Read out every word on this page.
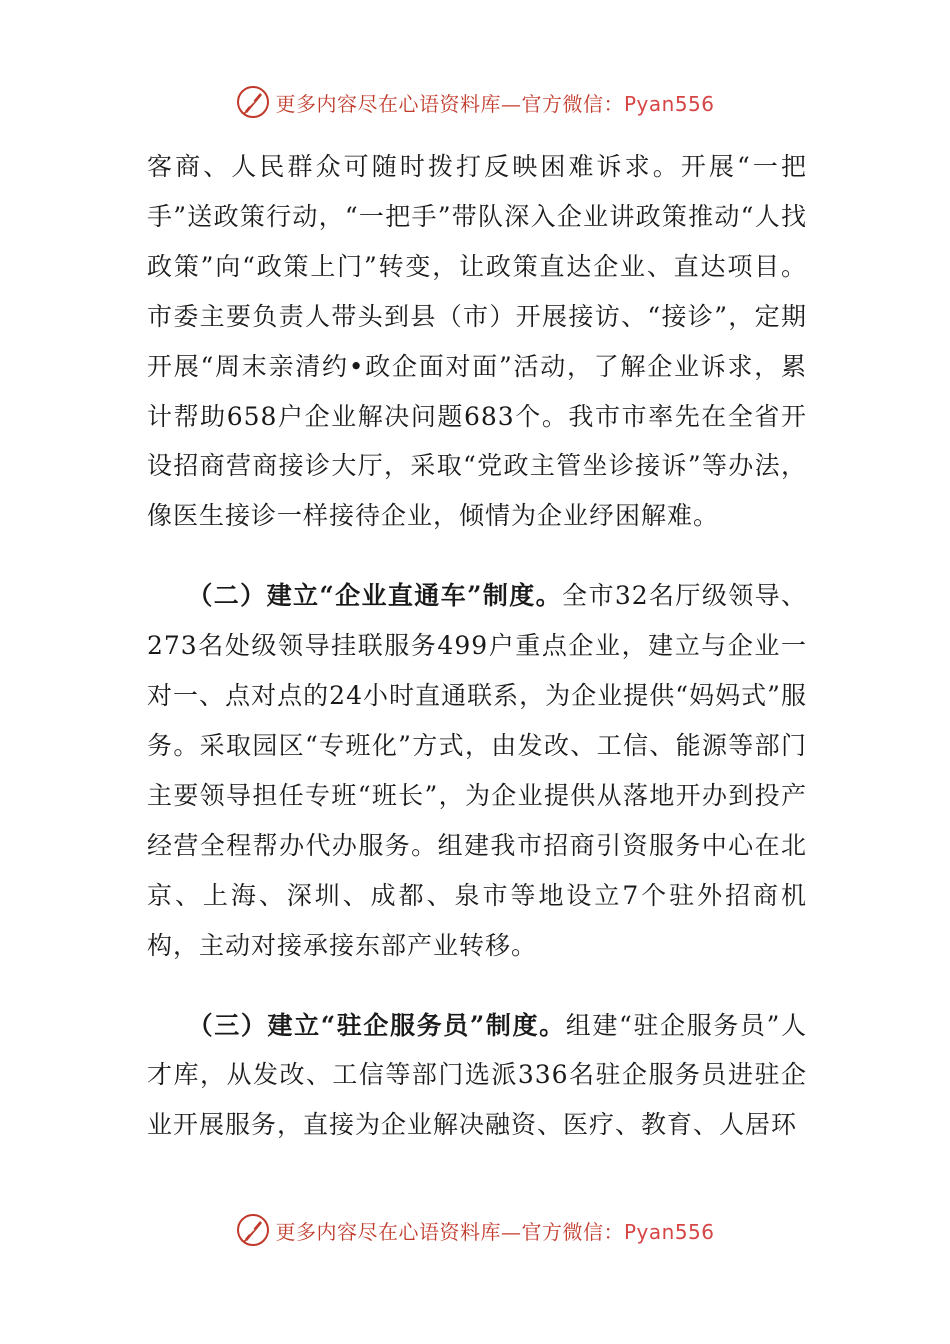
更多内容尽在心语资料库—官方微信：Pyan556

客商、人民群众可随时拨打反映困难诉求。开展“一把手”送政策行动，“一把手”带队深入企业讲政策推动“人找政策”向“政策上门”转变，让政策直达企业、直达项目。市委主要负责人带头到县（市）开展接访、“接诊”，定期开展“周末亲清约•政企面对面”活动，了解企业诉求，累计帮助658户企业解决问题683个。我市市率先在全省开设招商营商接诊大厅，采取“党政主管坐诊接诉”等办法，像医生接诊一样接待企业，倾情为企业纾困解难。

（二）建立“企业直通车”制度。全市32名厅级领导、273名处级领导挂联服务499户重点企业，建立与企业一对一、点对点的24小时直通联系，为企业提供“妈妈式”服务。采取园区“专班化”方式，由发改、工信、能源等部门主要领导担任专班“班长”，为企业提供从落地开办到投产经营全程帮办代办服务。组建我市招商引资服务中心在北京、上海、深圳、成都、泉市等地设立7个驻外招商机构，主动对接承接东部产业转移。

（三）建立“驻企服务员”制度。组建“驻企服务员”人才库，从发改、工信等部门选派336名驻企服务员进驻企业开展服务，直接为企业解决融资、医疗、教育、人居环

更多内容尽在心语资料库—官方微信：Pyan556
